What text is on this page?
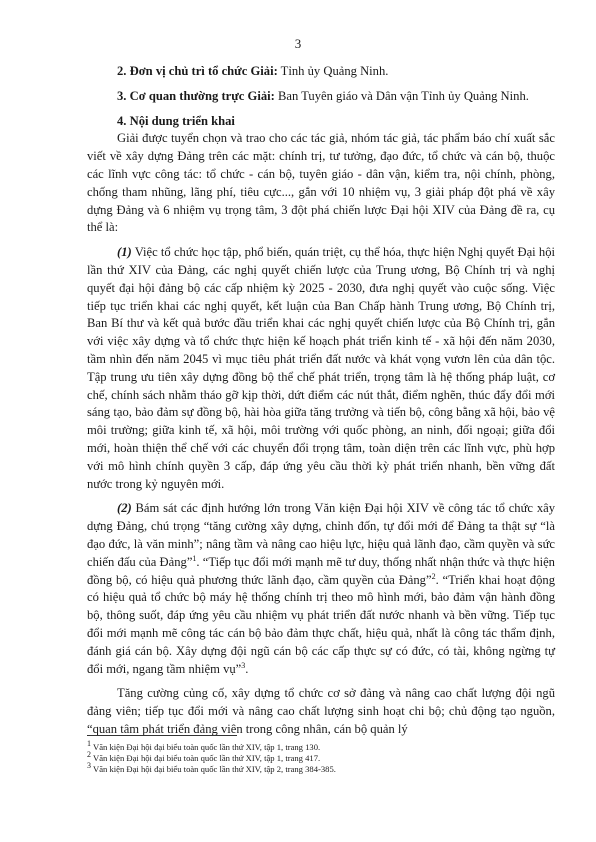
3

2. Đơn vị chủ trì tổ chức Giải: Tỉnh ủy Quảng Ninh.

3. Cơ quan thường trực Giải: Ban Tuyên giáo và Dân vận Tỉnh ủy Quảng Ninh.

4. Nội dung triển khai

Giải được tuyển chọn và trao cho các tác giả, nhóm tác giả, tác phẩm báo chí xuất sắc viết về xây dựng Đảng trên các mặt: chính trị, tư tưởng, đạo đức, tổ chức và cán bộ, thuộc các lĩnh vực công tác: tổ chức - cán bộ, tuyên giáo - dân vận, kiểm tra, nội chính, phòng, chống tham nhũng, lãng phí, tiêu cực..., gắn với 10 nhiệm vụ, 3 giải pháp đột phá về xây dựng Đảng và 6 nhiệm vụ trọng tâm, 3 đột phá chiến lược Đại hội XIV của Đảng đề ra, cụ thể là:

(1) Việc tổ chức học tập, phổ biến, quán triệt, cụ thể hóa, thực hiện Nghị quyết Đại hội lần thứ XIV của Đảng, các nghị quyết chiến lược của Trung ương, Bộ Chính trị và nghị quyết đại hội đảng bộ các cấp nhiệm kỳ 2025 - 2030, đưa nghị quyết vào cuộc sống. Việc tiếp tục triển khai các nghị quyết, kết luận của Ban Chấp hành Trung ương, Bộ Chính trị, Ban Bí thư và kết quả bước đầu triển khai các nghị quyết chiến lược của Bộ Chính trị, gắn với việc xây dựng và tổ chức thực hiện kế hoạch phát triển kinh tế - xã hội đến năm 2030, tầm nhìn đến năm 2045 vì mục tiêu phát triển đất nước và khát vọng vươn lên của dân tộc. Tập trung ưu tiên xây dựng đồng bộ thể chế phát triển, trọng tâm là hệ thống pháp luật, cơ chế, chính sách nhằm tháo gỡ kịp thời, dứt điểm các nút thắt, điểm nghẽn, thúc đẩy đổi mới sáng tạo, bảo đảm sự đồng bộ, hài hòa giữa tăng trưởng và tiến bộ, công bằng xã hội, bảo vệ môi trường; giữa kinh tế, xã hội, môi trường với quốc phòng, an ninh, đối ngoại; giữa đổi mới, hoàn thiện thể chế với các chuyển đổi trọng tâm, toàn diện trên các lĩnh vực, phù hợp với mô hình chính quyền 3 cấp, đáp ứng yêu cầu thời kỳ phát triển nhanh, bền vững đất nước trong kỷ nguyên mới.

(2) Bám sát các định hướng lớn trong Văn kiện Đại hội XIV về công tác tổ chức xây dựng Đảng, chú trọng “tăng cường xây dựng, chỉnh đốn, tự đổi mới để Đảng ta thật sự “là đạo đức, là văn minh”; nâng tầm và nâng cao hiệu lực, hiệu quả lãnh đạo, cầm quyền và sức chiến đấu của Đảng”$^1$. “Tiếp tục đổi mới mạnh mẽ tư duy, thống nhất nhận thức và thực hiện đồng bộ, có hiệu quả phương thức lãnh đạo, cầm quyền của Đảng”$^2$. “Triển khai hoạt động có hiệu quả tổ chức bộ máy hệ thống chính trị theo mô hình mới, bảo đảm vận hành đồng bộ, thông suốt, đáp ứng yêu cầu nhiệm vụ phát triển đất nước nhanh và bền vững. Tiếp tục đổi mới mạnh mẽ công tác cán bộ bảo đảm thực chất, hiệu quả, nhất là công tác thẩm định, đánh giá cán bộ. Xây dựng đội ngũ cán bộ các cấp thực sự có đức, có tài, không ngừng tự đổi mới, ngang tầm nhiệm vụ”$^3$.

Tăng cường củng cố, xây dựng tổ chức cơ sở đảng và nâng cao chất lượng đội ngũ đảng viên; tiếp tục đổi mới và nâng cao chất lượng sinh hoạt chi bộ; chủ động tạo nguồn, “quan tâm phát triển đảng viên trong công nhân, cán bộ quản lý

$^1$ Văn kiện Đại hội đại biểu toàn quốc lần thứ XIV, tập 1, trang 130.
$^2$ Văn kiện Đại hội đại biểu toàn quốc lần thứ XIV, tập 1, trang 417.
$^3$ Văn kiện Đại hội đại biểu toàn quốc lần thứ XIV, tập 2, trang 384-385.
